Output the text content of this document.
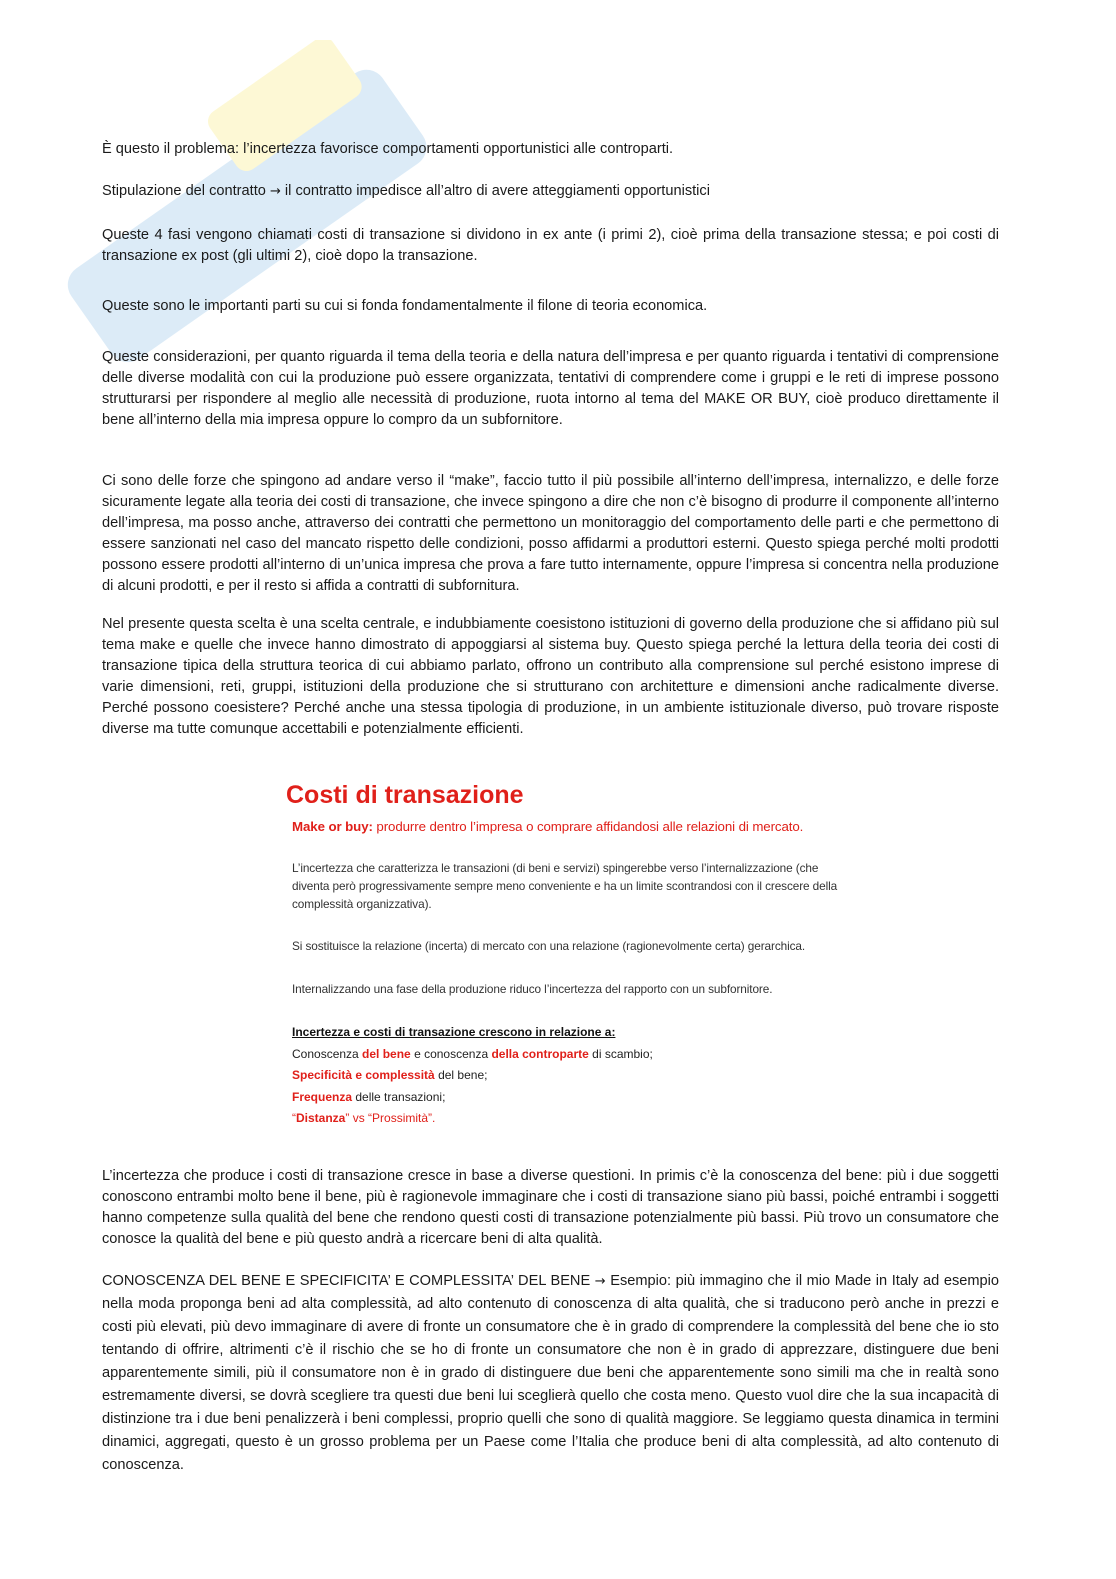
È questo il problema: l’incertezza favorisce comportamenti opportunistici alle controparti.

Stipulazione del contratto → il contratto impedisce all’altro di avere atteggiamenti opportunistici

Queste 4 fasi vengono chiamati costi di transazione si dividono in ex ante (i primi 2), cioè prima della transazione stessa; e poi costi di transazione ex post (gli ultimi 2), cioè dopo la transazione.

Queste sono le importanti parti su cui si fonda fondamentalmente il filone di teoria economica.

Queste considerazioni, per quanto riguarda il tema della teoria e della natura dell’impresa e per quanto riguarda i tentativi di comprensione delle diverse modalità con cui la produzione può essere organizzata, tentativi di comprendere come i gruppi e le reti di imprese possono strutturarsi per rispondere al meglio alle necessità di produzione, ruota intorno al tema del MAKE OR BUY, cioè produco direttamente il bene all’interno della mia impresa oppure lo compro da un subfornitore.

Ci sono delle forze che spingono ad andare verso il “make”, faccio tutto il più possibile all’interno dell’impresa, internalizzo, e delle forze sicuramente legate alla teoria dei costi di transazione, che invece spingono a dire che non c’è bisogno di produrre il componente all’interno dell’impresa, ma posso anche, attraverso dei contratti che permettono un monitoraggio del comportamento delle parti e che permettono di essere sanzionati nel caso del mancato rispetto delle condizioni, posso affidarmi a produttori esterni. Questo spiega perché molti prodotti possono essere prodotti all’interno di un’unica impresa che prova a fare tutto internamente, oppure l’impresa si concentra nella produzione di alcuni prodotti, e per il resto si affida a contratti di subfornitura.

Nel presente questa scelta è una scelta centrale, e indubbiamente coesistono istituzioni di governo della produzione che si affidano più sul tema make e quelle che invece hanno dimostrato di appoggiarsi al sistema buy. Questo spiega perché la lettura della teoria dei costi di transazione tipica della struttura teorica di cui abbiamo parlato, offrono un contributo alla comprensione sul perché esistono imprese di varie dimensioni, reti, gruppi, istituzioni della produzione che si strutturano con architetture e dimensioni anche radicalmente diverse. Perché possono coesistere? Perché anche una stessa tipologia di produzione, in un ambiente istituzionale diverso, può trovare risposte diverse ma tutte comunque accettabili e potenzialmente efficienti.

L’incertezza che produce i costi di transazione cresce in base a diverse questioni. In primis c’è la conoscenza del bene: più i due soggetti conoscono entrambi molto bene il bene, più è ragionevole immaginare che i costi di transazione siano più bassi, poiché entrambi i soggetti hanno competenze sulla qualità del bene che rendono questi costi di transazione potenzialmente più bassi. Più trovo un consumatore che conosce la qualità del bene e più questo andrà a ricercare beni di alta qualità.

CONOSCENZA DEL BENE E SPECIFICITA’ E COMPLESSITA’ DEL BENE → Esempio: più immagino che il mio Made in Italy ad esempio nella moda proponga beni ad alta complessità, ad alto contenuto di conoscenza di alta qualità, che si traducono però anche in prezzi e costi più elevati, più devo immaginare di avere di fronte un consumatore che è in grado di comprendere la complessità del bene che io sto tentando di offrire, altrimenti c’è il rischio che se ho di fronte un consumatore che non è in grado di apprezzare, distinguere due beni apparentemente simili, più il consumatore non è in grado di distinguere due beni che apparentemente sono simili ma che in realtà sono estremamente diversi, se dovrà scegliere tra questi due beni lui sceglierà quello che costa meno. Questo vuol dire che la sua incapacità di distinzione tra i due beni penalizzerà i beni complessi, proprio quelli che sono di qualità maggiore. Se leggiamo questa dinamica in termini dinamici, aggregati, questo è un grosso problema per un Paese come l’Italia che produce beni di alta complessità, ad alto contenuto di conoscenza.

Costi di transazione
Make or buy: produrre dentro l’impresa o comprare affidandosi alle relazioni di mercato.
L’incertezza che caratterizza le transazioni (di beni e servizi) spingerebbe verso l’internalizzazione (che diventa però progressivamente sempre meno conveniente e ha un limite scontrandosi con il crescere della complessità organizzativa).
Si sostituisce la relazione (incerta) di mercato con una relazione (ragionevolmente certa) gerarchica.
Internalizzando una fase della produzione riduco l’incertezza del rapporto con un subfornitore.
Incertezza e costi di transazione crescono in relazione a:
Conoscenza del bene e conoscenza della controparte di scambio;
Specificità e complessità del bene;
Frequenza delle transazioni;
“Distanza” vs “Prossimità”.
